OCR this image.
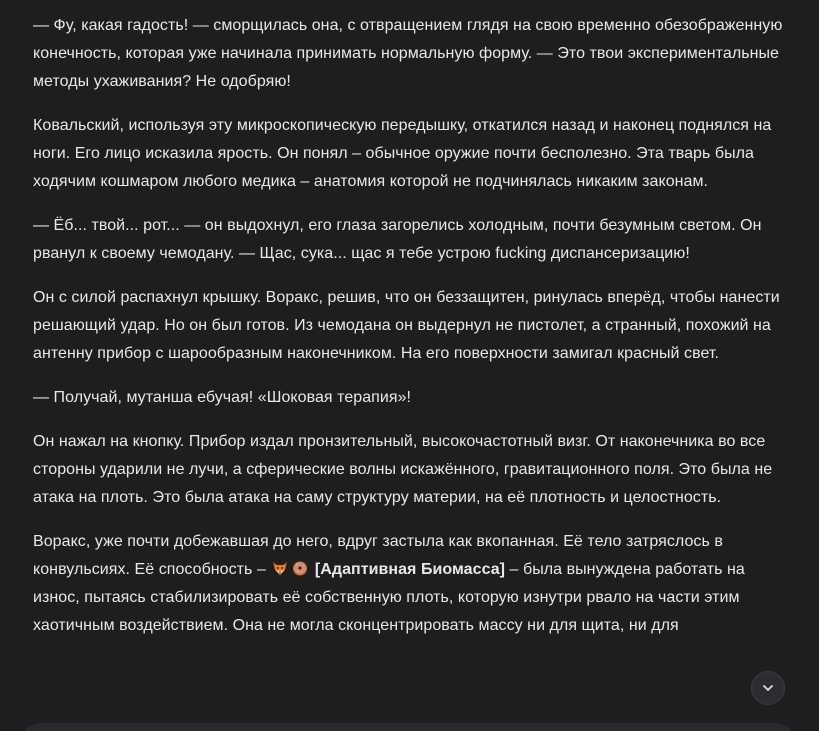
— Фу, какая гадость! — сморщилась она, с отвращением глядя на свою временно обезображенную конечность, которая уже начинала принимать нормальную форму. — Это твои экспериментальные методы ухаживания? Не одобряю!

Ковальский, используя эту микроскопическую передышку, откатился назад и наконец поднялся на ноги. Его лицо исказила ярость. Он понял – обычное оружие почти бесполезно. Эта тварь была ходячим кошмаром любого медика – анатомия которой не подчинялась никаким законам.

— Ёб... твой... рот... — он выдохнул, его глаза загорелись холодным, почти безумным светом. Он рванул к своему чемодану. — Щас, сука... щас я тебе устрою fucking диспансеризацию!

Он с силой распахнул крышку. Воракс, решив, что он беззащитен, ринулась вперёд, чтобы нанести решающий удар. Но он был готов. Из чемодана он выдернул не пистолет, а странный, похожий на антенну прибор с шарообразным наконечником. На его поверхности замигал красный свет.

— Получай, мутанша ебучая! «Шоковая терапия»!

Он нажал на кнопку. Прибор издал пронзительный, высокочастотный визг. От наконечника во все стороны ударили не лучи, а сферические волны искажённого, гравитационного поля. Это была не атака на плоть. Это была атака на саму структуру материи, на её плотность и целостность.

Воракс, уже почти добежавшая до него, вдруг застыла как вкопанная. Её тело затряслось в конвульсиях. Её способность –	[Адаптивная Биомасса] – была вынуждена работать на износ, пытаясь стабилизировать её собственную плоть, которую изнутри рвало на части этим хаотичным воздействием. Она не могла сконцентрировать массу ни для щита, ни для
